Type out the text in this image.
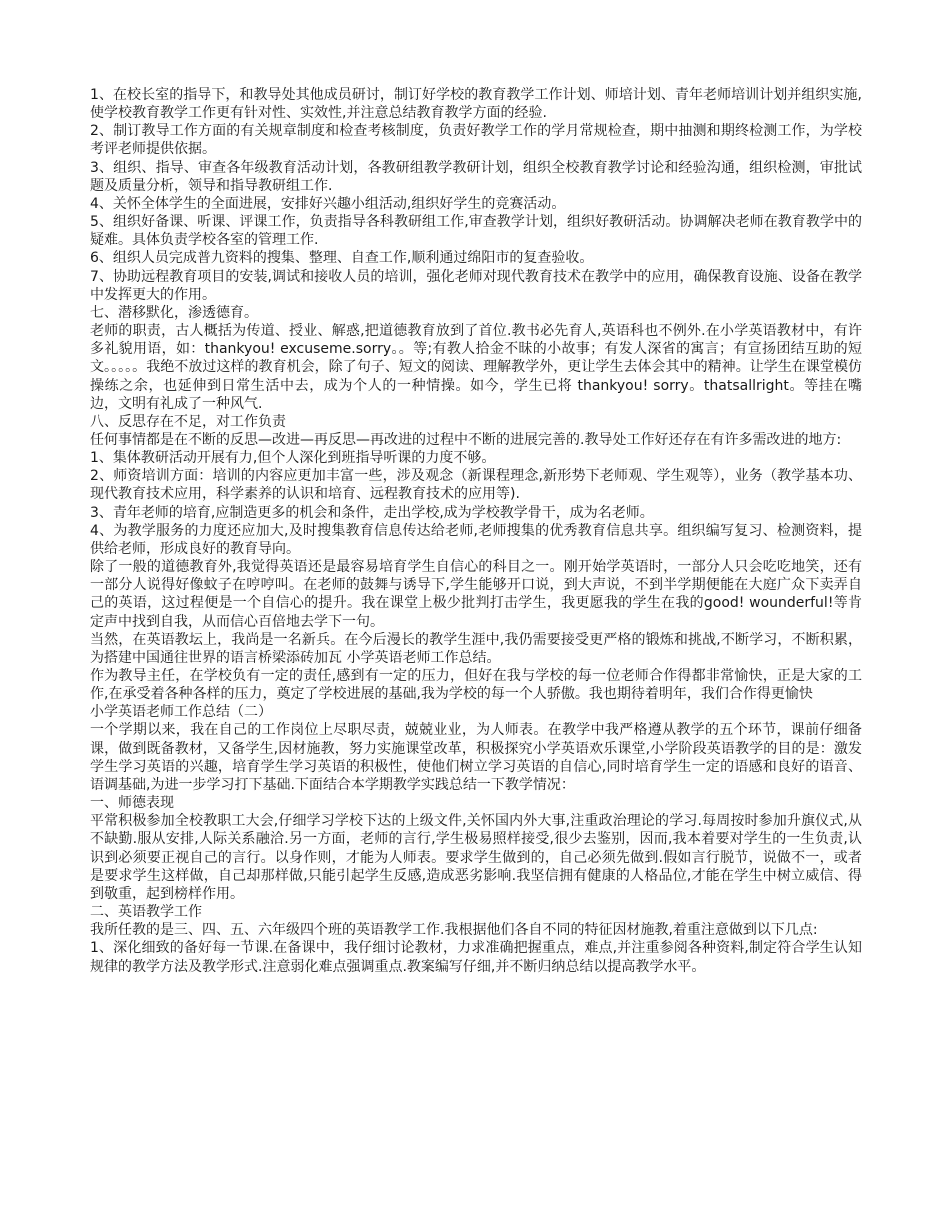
1、在校长室的指导下，和教导处其他成员研讨，制订好学校的教育教学工作计划、师培计划、青年老师培训计划并组织实施,使学校教育教学工作更有针对性、实效性,并注意总结教育教学方面的经验.

2、制订教导工作方面的有关规章制度和检查考核制度，负责好教学工作的学月常规检查，期中抽测和期终检测工作，为学校考评老师提供依据。

3、组织、指导、审查各年级教育活动计划，各教研组教学教研计划，组织全校教育教学讨论和经验沟通，组织检测，审批试题及质量分析，领导和指导教研组工作.

4、关怀全体学生的全面进展，安排好兴趣小组活动,组织好学生的竞赛活动。

5、组织好备课、听课、评课工作，负责指导各科教研组工作,审查教学计划，组织好教研活动。协调解决老师在教育教学中的疑难。具体负责学校各室的管理工作.

6、组织人员完成普九资料的搜集、整理、自查工作,顺利通过绵阳市的复查验收。

7、协助远程教育项目的安装,调试和接收人员的培训，强化老师对现代教育技术在教学中的应用，确保教育设施、设备在教学中发挥更大的作用。

七、潜移默化，渗透德育。

老师的职责，古人概括为传道、授业、解惑,把道德教育放到了首位.教书必先育人,英语科也不例外.在小学英语教材中，有许多礼貌用语，如：thankyou! excuseme.sorry。。等;有教人拾金不昧的小故事；有发人深省的寓言；有宣扬团结互助的短文。。。。。我绝不放过这样的教育机会，除了句子、短文的阅读、理解教学外，更让学生去体会其中的精神。让学生在课堂模仿操练之余，也延伸到日常生活中去，成为个人的一种情操。如今，学生已将 thankyou! sorry。thatsallright。等挂在嘴边，文明有礼成了一种风气.

八、反思存在不足，对工作负责

任何事情都是在不断的反思—改进—再反思—再改进的过程中不断的进展完善的.教导处工作好还存在有许多需改进的地方:

1、集体教研活动开展有力,但个人深化到班指导听课的力度不够。

2、师资培训方面：培训的内容应更加丰富一些，涉及观念（新课程理念,新形势下老师观、学生观等），业务（教学基本功、现代教育技术应用，科学素养的认识和培育、远程教育技术的应用等).

3、青年老师的培育,应制造更多的机会和条件，走出学校,成为学校教学骨干，成为名老师。

4、为教学服务的力度还应加大,及时搜集教育信息传达给老师,老师搜集的优秀教育信息共享。组织编写复习、检测资料，提供给老师，形成良好的教育导向。

除了一般的道德教育外,我觉得英语还是最容易培育学生自信心的科目之一。刚开始学英语时，一部分人只会吃吃地笑，还有一部分人说得好像蚊子在哼哼叫。在老师的鼓舞与诱导下,学生能够开口说，到大声说，不到半学期便能在大庭广众下卖弄自己的英语，这过程便是一个自信心的提升。我在课堂上极少批判打击学生，我更愿我的学生在我的good! wounderful!等肯定声中找到自我，从而信心百倍地去学下一句。

当然，在英语教坛上，我尚是一名新兵。在今后漫长的教学生涯中,我仍需要接受更严格的锻炼和挑战,不断学习，不断积累，为搭建中国通往世界的语言桥梁添砖加瓦 小学英语老师工作总结。

作为教导主任，在学校负有一定的责任,感到有一定的压力，但好在我与学校的每一位老师合作得都非常愉快，正是大家的工作,在承受着各种各样的压力，奠定了学校进展的基础,我为学校的每一个人骄傲。我也期待着明年，我们合作得更愉快

小学英语老师工作总结（二）

一个学期以来，我在自己的工作岗位上尽职尽责，兢兢业业，为人师表。在教学中我严格遵从教学的五个环节，课前仔细备课，做到既备教材，又备学生,因材施教，努力实施课堂改革，积极探究小学英语欢乐课堂,小学阶段英语教学的目的是：激发学生学习英语的兴趣，培育学生学习英语的积极性，使他们树立学习英语的自信心,同时培育学生一定的语感和良好的语音、语调基础,为进一步学习打下基础.下面结合本学期教学实践总结一下教学情况：

一、师德表现

平常积极参加全校教职工大会,仔细学习学校下达的上级文件,关怀国内外大事,注重政治理论的学习.每周按时参加升旗仪式,从不缺勤.服从安排,人际关系融洽.另一方面，老师的言行,学生极易照样接受,很少去鉴别，因而,我本着要对学生的一生负责,认识到必须要正视自己的言行。以身作则，才能为人师表。要求学生做到的，自己必须先做到.假如言行脱节，说做不一，或者是要求学生这样做，自己却那样做,只能引起学生反感,造成恶劣影响.我坚信拥有健康的人格品位,才能在学生中树立威信、得到敬重，起到榜样作用。

二、英语教学工作

我所任教的是三、四、五、六年级四个班的英语教学工作.我根据他们各自不同的特征因材施教,着重注意做到以下几点:

1、深化细致的备好每一节课.在备课中，我仔细讨论教材，力求准确把握重点，难点,并注重参阅各种资料,制定符合学生认知规律的教学方法及教学形式.注意弱化难点强调重点.教案编写仔细,并不断归纳总结以提高教学水平。
